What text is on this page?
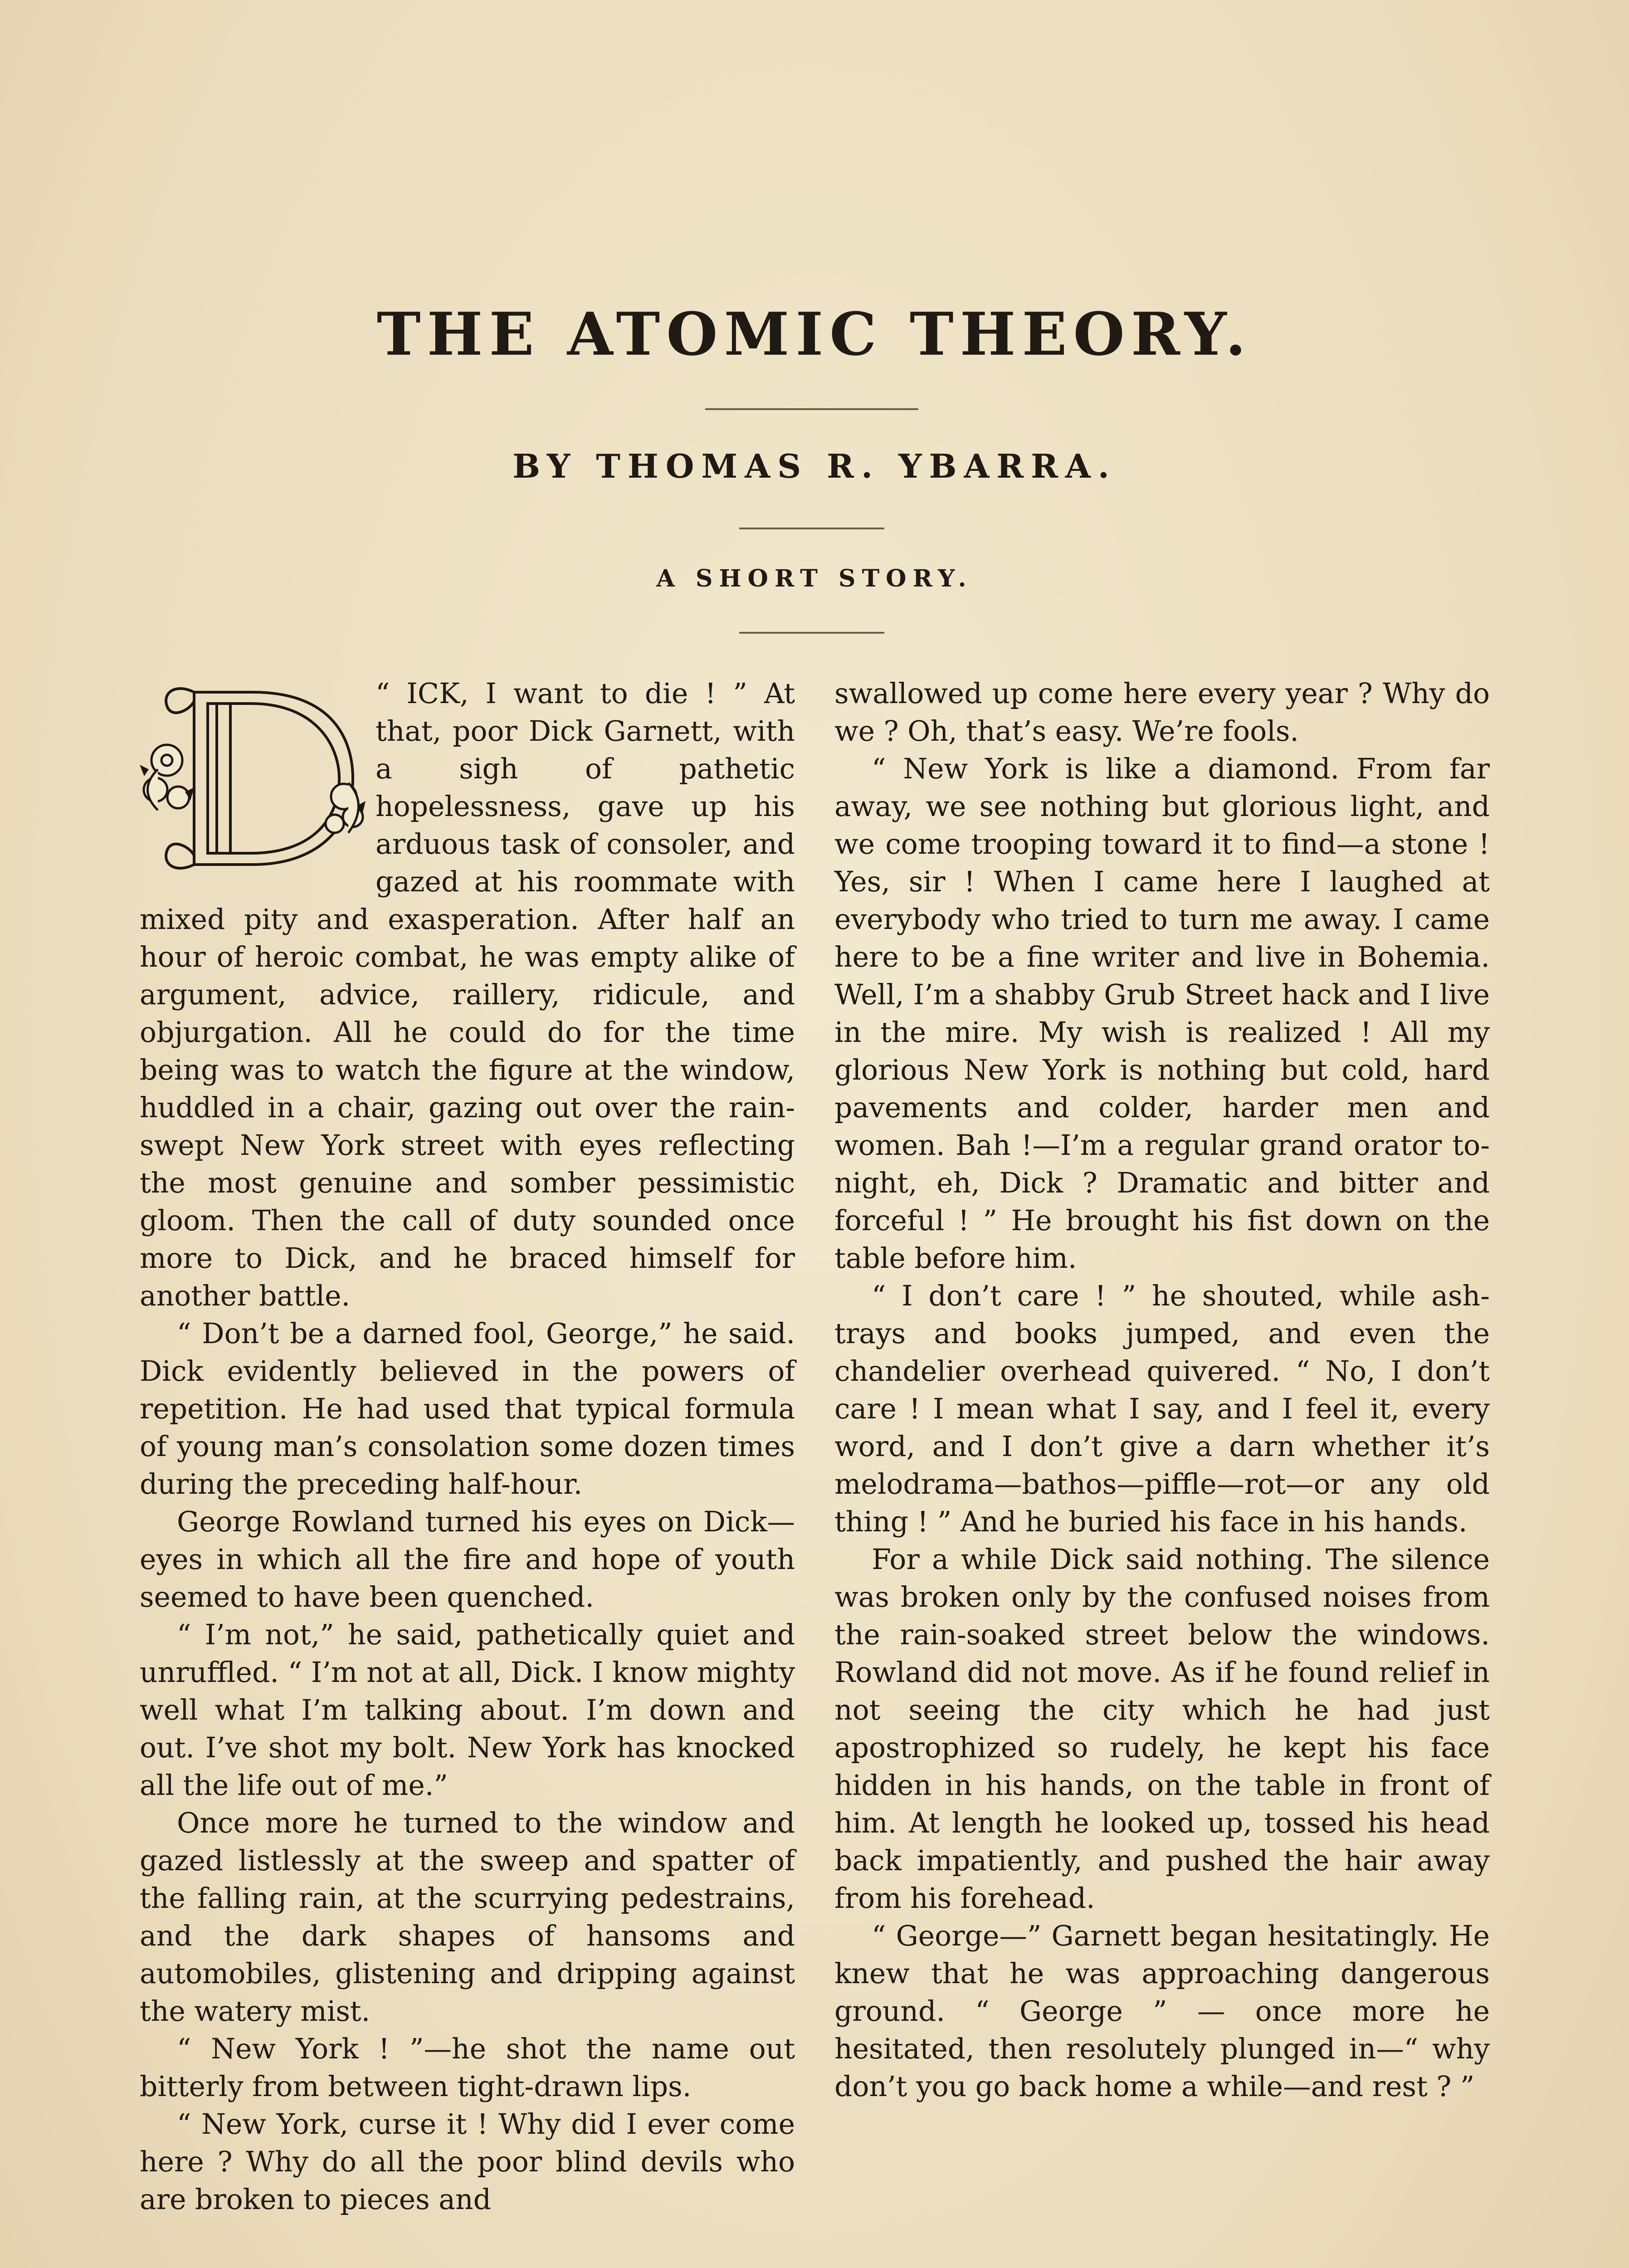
THE ATOMIC THEORY.
BY THOMAS R. YBARRA.
A SHORT STORY.

“ ICK, I want to die ! ” At that, poor Dick Garnett, with a sigh of pathetic hopelessness, gave up his arduous task of consoler, and gazed at his roommate with mixed pity and exasperation. After half an hour of heroic combat, he was empty alike of argument, advice, raillery, ridicule, and objurgation. All he could do for the time being was to watch the figure at the window, huddled in a chair, gazing out over the rain-swept New York street with eyes reflecting the most genuine and somber pessimistic gloom. Then the call of duty sounded once more to Dick, and he braced himself for another battle.

“ Don’t be a darned fool, George,” he said. Dick evidently believed in the powers of repetition. He had used that typical formula of young man’s consolation some dozen times during the preceding half-hour.

George Rowland turned his eyes on Dick—eyes in which all the fire and hope of youth seemed to have been quenched.

“ I’m not,” he said, pathetically quiet and unruffled. “ I’m not at all, Dick. I know mighty well what I’m talking about. I’m down and out. I’ve shot my bolt. New York has knocked all the life out of me.”

Once more he turned to the window and gazed listlessly at the sweep and spatter of the falling rain, at the scurrying pedestrains, and the dark shapes of hansoms and automobiles, glistening and dripping against the watery mist.

“ New York ! ”—he shot the name out bitterly from between tight-drawn lips.

“ New York, curse it ! Why did I ever come here ? Why do all the poor blind devils who are broken to pieces and

swallowed up come here every year ? Why do we ? Oh, that’s easy. We’re fools.

“ New York is like a diamond. From far away, we see nothing but glorious light, and we come trooping toward it to find—a stone ! Yes, sir ! When I came here I laughed at everybody who tried to turn me away. I came here to be a fine writer and live in Bohemia. Well, I’m a shabby Grub Street hack and I live in the mire. My wish is realized ! All my glorious New York is nothing but cold, hard pavements and colder, harder men and women. Bah !—I’m a regular grand orator to-night, eh, Dick ? Dramatic and bitter and forceful ! ” He brought his fist down on the table before him.

“ I don’t care ! ” he shouted, while ash-trays and books jumped, and even the chandelier overhead quivered. “ No, I don’t care ! I mean what I say, and I feel it, every word, and I don’t give a darn whether it’s melodrama—bathos—piffle—rot—or any old thing ! ” And he buried his face in his hands.

For a while Dick said nothing. The silence was broken only by the confused noises from the rain-soaked street below the windows. Rowland did not move. As if he found relief in not seeing the city which he had just apostrophized so rudely, he kept his face hidden in his hands, on the table in front of him. At length he looked up, tossed his head back impatiently, and pushed the hair away from his forehead.

“ George—” Garnett began hesitatingly. He knew that he was approaching dangerous ground. “ George ” — once more he hesitated, then resolutely plunged in—“ why don’t you go back home a while—and rest ? ”
